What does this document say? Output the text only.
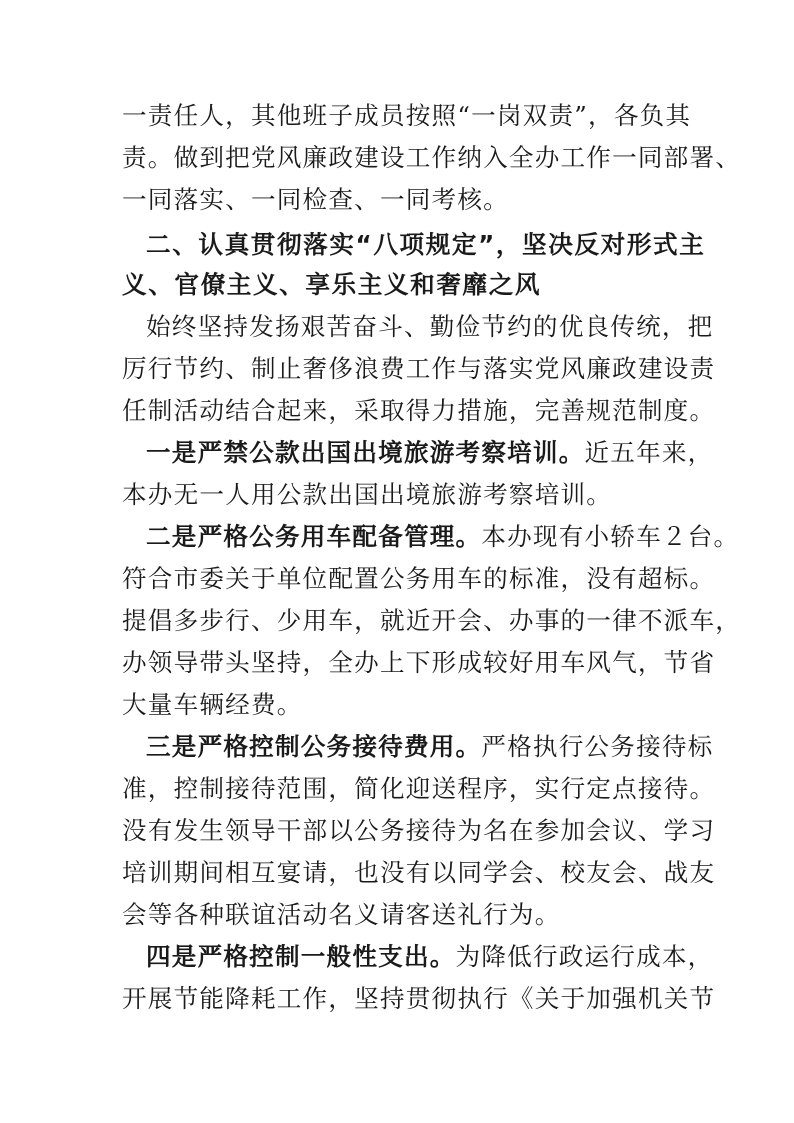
一责任人，其他班子成员按照“一岗双责”，各负其
责。做到把党风廉政建设工作纳入全办工作一同部署、
一同落实、一同检查、一同考核。
二、认真贯彻落实“八项规定”，坚决反对形式主
义、官僚主义、享乐主义和奢靡之风
始终坚持发扬艰苦奋斗、勤俭节约的优良传统，把
厉行节约、制止奢侈浪费工作与落实党风廉政建设责
任制活动结合起来，采取得力措施，完善规范制度。
一是严禁公款出国出境旅游考察培训。近五年来，
本办无一人用公款出国出境旅游考察培训。
二是严格公务用车配备管理。本办现有小轿车２台。
符合市委关于单位配置公务用车的标准，没有超标。
提倡多步行、少用车，就近开会、办事的一律不派车，
办领导带头坚持，全办上下形成较好用车风气，节省
大量车辆经费。
三是严格控制公务接待费用。严格执行公务接待标
准，控制接待范围，简化迎送程序，实行定点接待。
没有发生领导干部以公务接待为名在参加会议、学习
培训期间相互宴请，也没有以同学会、校友会、战友
会等各种联谊活动名义请客送礼行为。
四是严格控制一般性支出。为降低行政运行成本，
开展节能降耗工作，坚持贯彻执行《关于加强机关节
